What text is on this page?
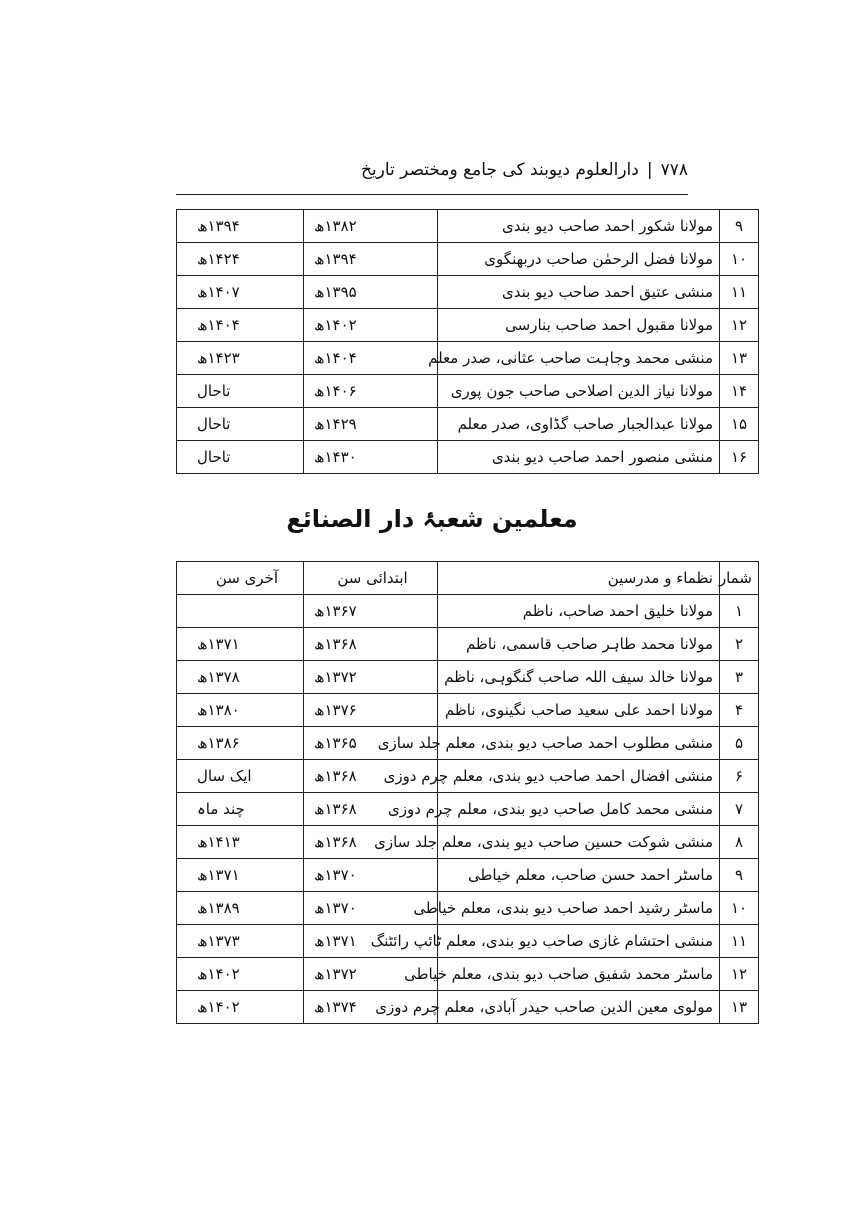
۷۷۸|دارالعلوم دیوبند کی جامع ومختصر تاریخ
۹	مولانا شکور احمد صاحب دیو بندی	۱۳۸۲ھ	۱۳۹۴ھ
۱۰	مولانا فضل الرحمٰن صاحب دربھنگوی	۱۳۹۴ھ	۱۴۲۴ھ
۱۱	منشی عتیق احمد صاحب دیو بندی	۱۳۹۵ھ	۱۴۰۷ھ
۱۲	مولانا مقبول احمد صاحب بنارسی	۱۴۰۲ھ	۱۴۰۴ھ
۱۳	منشی محمد وجاہت صاحب عثانی، صدر معلم	۱۴۰۴ھ	۱۴۲۳ھ
۱۴	مولانا نیاز الدین اصلاحی صاحب جون پوری	۱۴۰۶ھ	تاحال
۱۵	مولانا عبدالجبار صاحب گڈاوی، صدر معلم	۱۴۲۹ھ	تاحال
۱۶	منشی منصور احمد صاحب دیو بندی	۱۴۳۰ھ	تاحال
معلمین شعبۂ دار الصنائع
شمار	نظماء و مدرسین	ابتدائی سن	آخری سن
۱	مولانا خلیق احمد صاحب، ناظم	۱۳۶۷ھ	
۲	مولانا محمد طاہر صاحب قاسمی، ناظم	۱۳۶۸ھ	۱۳۷۱ھ
۳	مولانا خالد سیف اللہ صاحب گنگوہی، ناظم	۱۳۷۲ھ	۱۳۷۸ھ
۴	مولانا احمد علی سعید صاحب نگینوی، ناظم	۱۳۷۶ھ	۱۳۸۰ھ
۵	منشی مطلوب احمد صاحب دیو بندی، معلم جلد سازی	۱۳۶۵ھ	۱۳۸۶ھ
۶	منشی افضال احمد صاحب دیو بندی، معلم چرم دوزی	۱۳۶۸ھ	ایک سال
۷	منشی محمد کامل صاحب دیو بندی، معلم چرم دوزی	۱۳۶۸ھ	چند ماہ
۸	منشی شوکت حسین صاحب دیو بندی، معلم جلد سازی	۱۳۶۸ھ	۱۴۱۳ھ
۹	ماسٹر احمد حسن صاحب، معلم خیاطی	۱۳۷۰ھ	۱۳۷۱ھ
۱۰	ماسٹر رشید احمد صاحب دیو بندی، معلم خیاطی	۱۳۷۰ھ	۱۳۸۹ھ
۱۱	منشی احتشام غازی صاحب دیو بندی، معلم ٹائپ رائٹنگ	۱۳۷۱ھ	۱۳۷۳ھ
۱۲	ماسٹر محمد شفیق صاحب دیو بندی، معلم خیاطی	۱۳۷۲ھ	۱۴۰۲ھ
۱۳	مولوی معین الدین صاحب حیدر آبادی، معلم چرم دوزی	۱۳۷۴ھ	۱۴۰۲ھ
